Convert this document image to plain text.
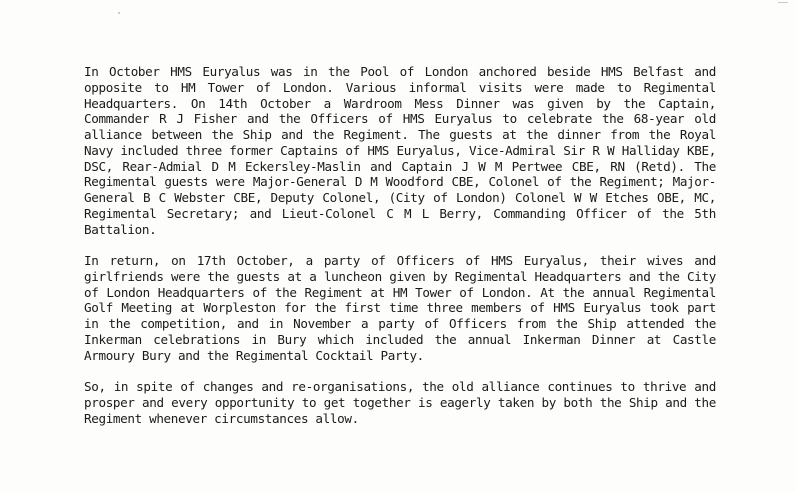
In October HMS Euryalus was in the Pool of London anchored beside HMS Belfast and opposite to HM Tower of London. Various informal visits were made to Regimental Headquarters. On 14th October a Wardroom Mess Dinner was given by the Captain, Commander R J Fisher and the Officers of HMS Euryalus to celebrate the 68-year old alliance between the Ship and the Regiment. The guests at the dinner from the Royal Navy included three former Captains of HMS Euryalus, Vice-Admiral Sir R W Halliday KBE, DSC, Rear-Admial D M Eckersley-Maslin and Captain J W M Pertwee CBE, RN (Retd). The Regimental guests were Major-General D M Woodford CBE, Colonel of the Regiment; Major-General B C Webster CBE, Deputy Colonel, (City of London) Colonel W W Etches OBE, MC, Regimental Secretary; and Lieut-Colonel C M L Berry, Commanding Officer of the 5th Battalion.

In return, on 17th October, a party of Officers of HMS Euryalus, their wives and girlfriends were the guests at a luncheon given by Regimental Headquarters and the City of London Headquarters of the Regiment at HM Tower of London. At the annual Regimental Golf Meeting at Worpleston for the first time three members of HMS Euryalus took part in the competition, and in November a party of Officers from the Ship attended the Inkerman celebrations in Bury which included the annual Inkerman Dinner at Castle Armoury Bury and the Regimental Cocktail Party.

So, in spite of changes and re-organisations, the old alliance continues to thrive and prosper and every opportunity to get together is eagerly taken by both the Ship and the Regiment whenever circumstances allow.
